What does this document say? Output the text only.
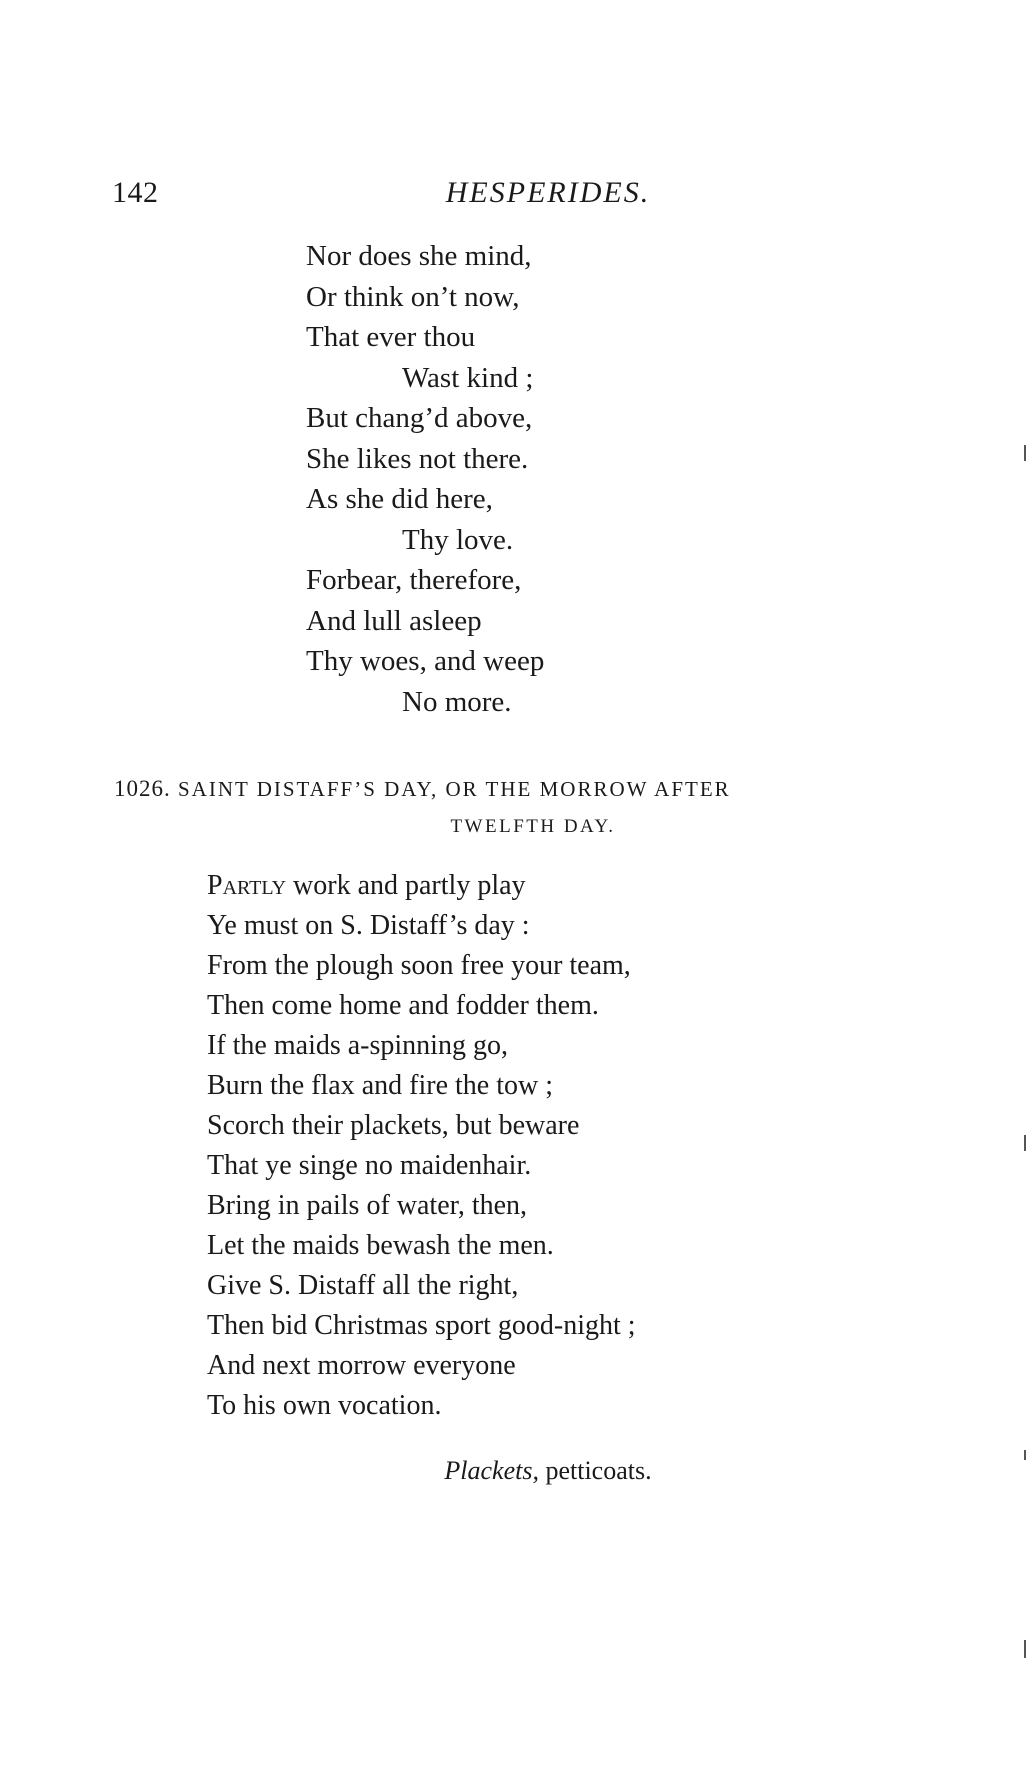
142	HESPERIDES.
Nor does she mind,
Or think on’t now,
That ever thou
Wast kind ;
But chang’d above,
She likes not there.
As she did here,
Thy love.
Forbear, therefore,
And lull asleep
Thy woes, and weep
No more.
1026. SAINT DISTAFF’S DAY, OR THE MORROW AFTER
TWELFTH DAY.
Partly work and partly play
Ye must on S. Distaff’s day :
From the plough soon free your team,
Then come home and fodder them.
If the maids a-spinning go,
Burn the flax and fire the tow ;
Scorch their plackets, but beware
That ye singe no maidenhair.
Bring in pails of water, then,
Let the maids bewash the men.
Give S. Distaff all the right,
Then bid Christmas sport good-night ;
And next morrow everyone
To his own vocation.
Plackets, petticoats.
